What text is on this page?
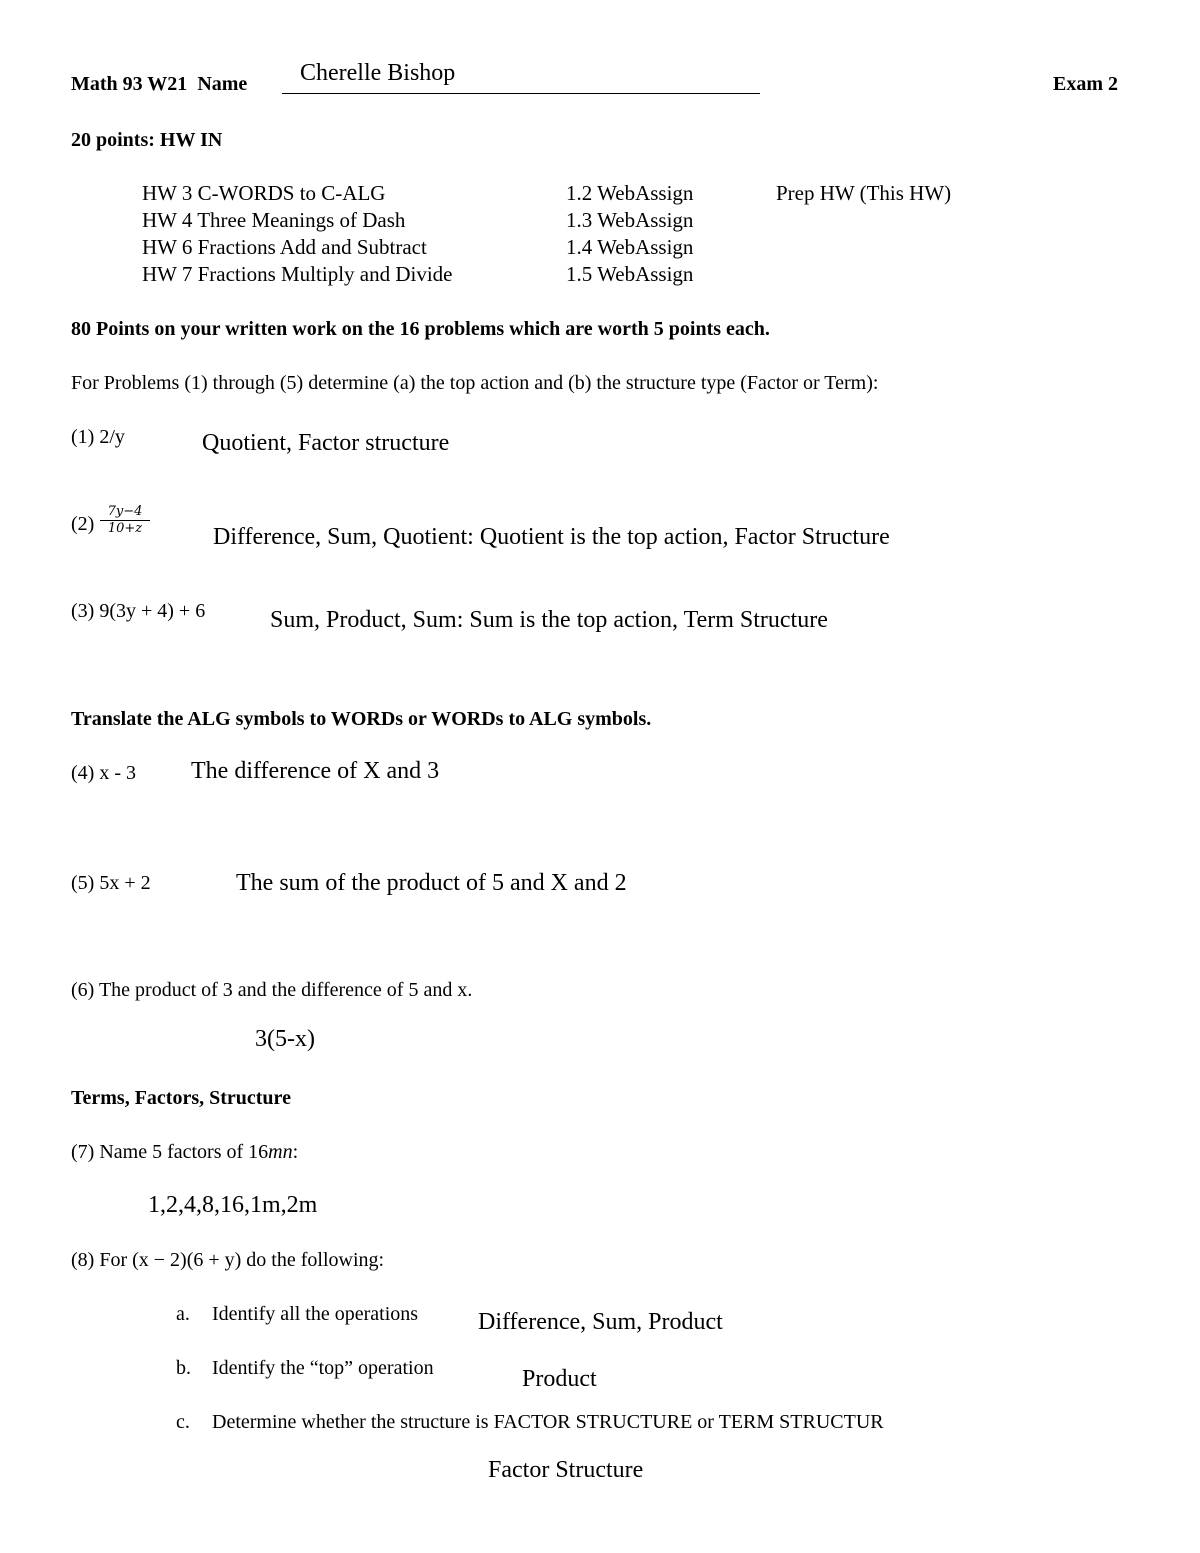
Math 93 W21 Name Cherelle Bishop	Exam 2
20 points: HW IN
HW 3 C-WORDS to C-ALG	1.2 WebAssign	Prep HW (This HW)
HW 4 Three Meanings of Dash	1.3 WebAssign
HW 6 Fractions Add and Subtract	1.4 WebAssign
HW 7 Fractions Multiply and Divide	1.5 WebAssign
80 Points on your written work on the 16 problems which are worth 5 points each.
For Problems (1) through (5) determine (a) the top action and (b) the structure type (Factor or Term):
(1) 2/y	Quotient, Factor structure
$(2) \frac{7y-4}{10+z}$	Difference, Sum, Quotient: Quotient is the top action, Factor Structure
(3) 9(3y + 4) + 6	Sum, Product, Sum: Sum is the top action, Term Structure
Translate the ALG symbols to WORDs or WORDs to ALG symbols.
(4) x - 3 The difference of X and 3
(5) 5x + 2	The sum of the product of 5 and X and 2
(6) The product of 3 and the difference of 5 and x.
3(5-x)
Terms, Factors, Structure
(7) Name 5 factors of 16mn:
1,2,4,8,16,1m,2m
(8) For (x − 2)(6 + y) do the following:
a. Identify all the operations Difference, Sum, Product
b. Identify the “top” operation	Product
c. Determine whether the structure is FACTOR STRUCTURE or TERM STRUCTUR
Factor Structure
